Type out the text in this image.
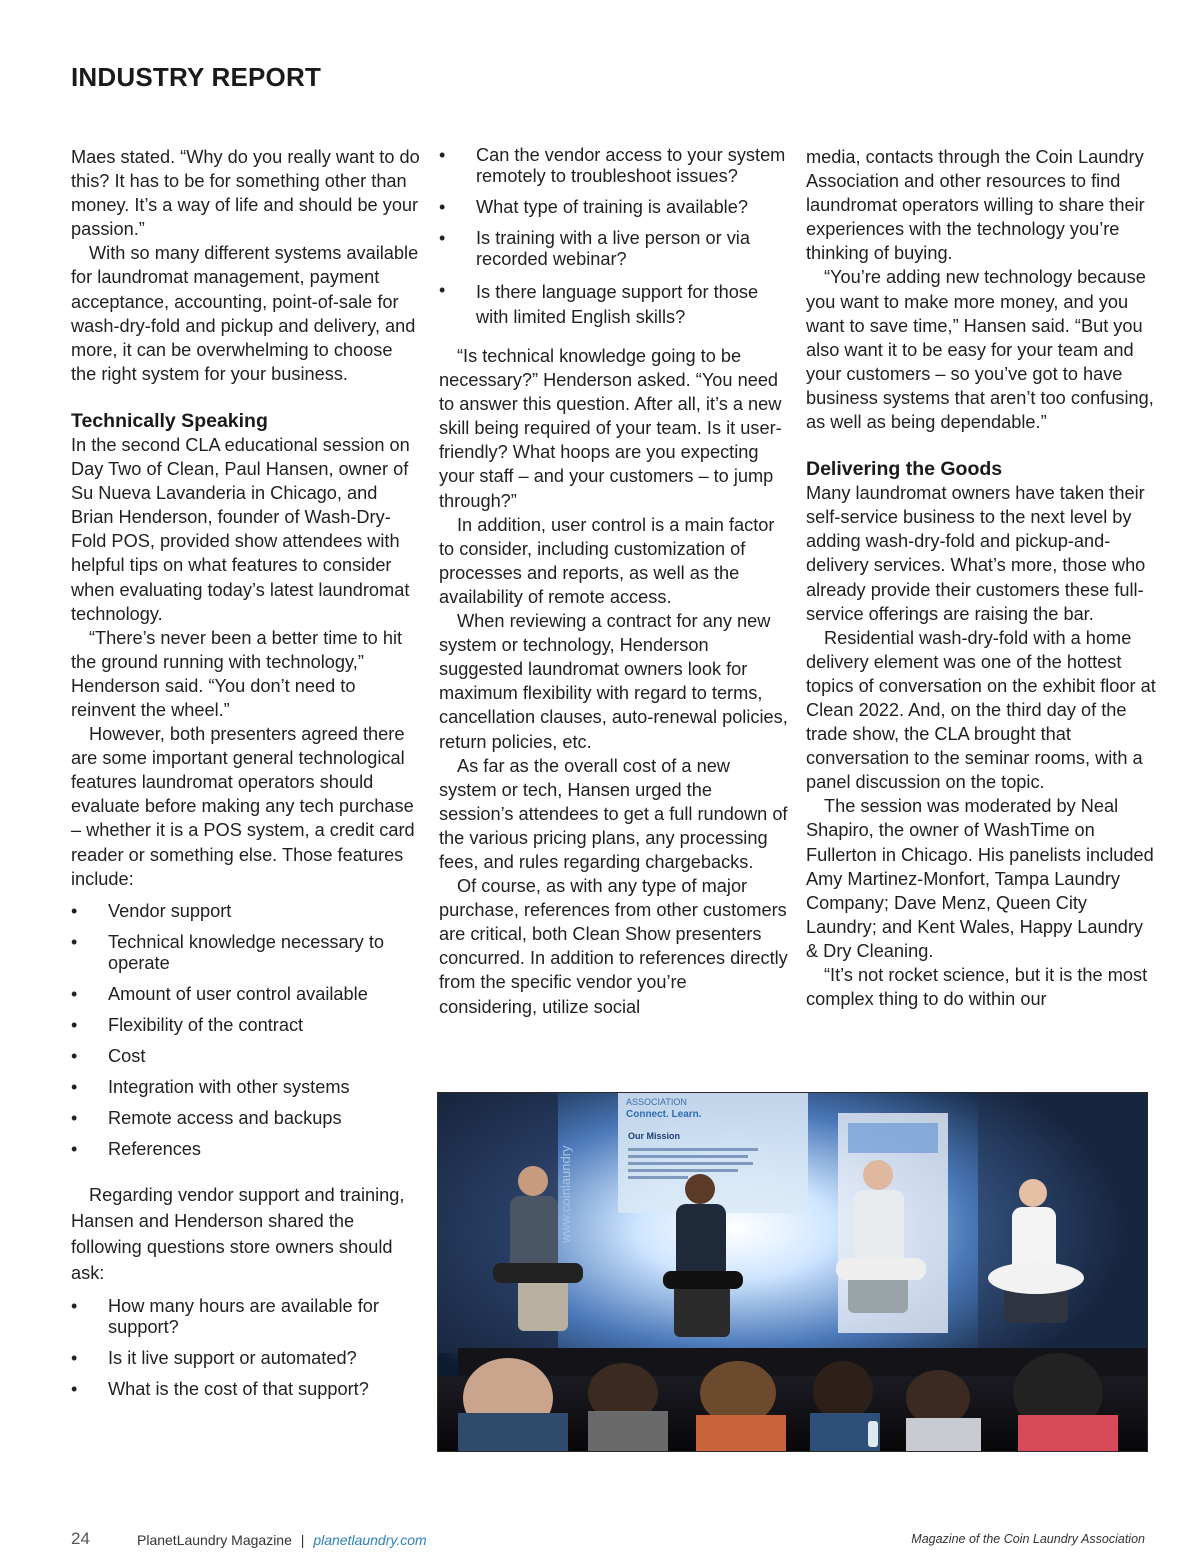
INDUSTRY REPORT

Maes stated. “Why do you really want to do this? It has to be for something other than money. It’s a way of life and should be your passion.”

With so many different systems available for laundromat management, payment acceptance, accounting, point-of-sale for wash-dry-fold and pickup and delivery, and more, it can be overwhelming to choose the right system for your business.

Technically Speaking

In the second CLA educational session on Day Two of Clean, Paul Hansen, owner of Su Nueva Lavanderia in Chicago, and Brian Henderson, founder of Wash-Dry-Fold POS, provided show attendees with helpful tips on what features to consider when evaluating today’s latest laundromat technology.

“There’s never been a better time to hit the ground running with technology,” Henderson said. “You don’t need to reinvent the wheel.”

However, both presenters agreed there are some important general technological features laundromat operators should evaluate before making any tech purchase – whether it is a POS system, a credit card reader or something else. Those features include:

• Vendor support
• Technical knowledge necessary to operate
• Amount of user control available
• Flexibility of the contract
• Cost
• Integration with other systems
• Remote access and backups
• References

Regarding vendor support and training, Hansen and Henderson shared the following questions store owners should ask:

• How many hours are available for support?
• Is it live support or automated?
• What is the cost of that support?
• Can the vendor access to your system remotely to troubleshoot issues?
• What type of training is available?
• Is training with a live person or via recorded webinar?
• Is there language support for those with limited English skills?

“Is technical knowledge going to be necessary?” Henderson asked. “You need to answer this question. After all, it’s a new skill being required of your team. Is it user-friendly? What hoops are you expecting your staff – and your customers – to jump through?”

In addition, user control is a main factor to consider, including customization of processes and reports, as well as the availability of remote access.

When reviewing a contract for any new system or technology, Henderson suggested laundromat owners look for maximum flexibility with regard to terms, cancellation clauses, auto-renewal policies, return policies, etc.

As far as the overall cost of a new system or tech, Hansen urged the session’s attendees to get a full rundown of the various pricing plans, any processing fees, and rules regarding chargebacks.

Of course, as with any type of major purchase, references from other customers are critical, both Clean Show presenters concurred. In addition to references directly from the specific vendor you’re considering, utilize social

media, contacts through the Coin Laundry Association and other resources to find laundromat operators willing to share their experiences with the technology you’re thinking of buying.

“You’re adding new technology because you want to make more money, and you want to save time,” Hansen said. “But you also want it to be easy for your team and your customers – so you’ve got to have business systems that aren’t too confusing, as well as being dependable.”

Delivering the Goods

Many laundromat owners have taken their self-service business to the next level by adding wash-dry-fold and pickup-and-delivery services. What’s more, those who already provide their customers these full-service offerings are raising the bar.

Residential wash-dry-fold with a home delivery element was one of the hottest topics of conversation on the exhibit floor at Clean 2022. And, on the third day of the trade show, the CLA brought that conversation to the seminar rooms, with a panel discussion on the topic.

The session was moderated by Neal Shapiro, the owner of WashTime on Fullerton in Chicago. His panelists included Amy Martinez-Monfort, Tampa Laundry Company; Dave Menz, Queen City Laundry; and Kent Wales, Happy Laundry & Dry Cleaning.

“It’s not rocket science, but it is the most complex thing to do within our

ASSOCIATION
Connect. Learn.
Our Mission
www.coinlaundry
24	PlanetLaundry Magazine | planetlaundry.com	Magazine of the Coin Laundry Association
